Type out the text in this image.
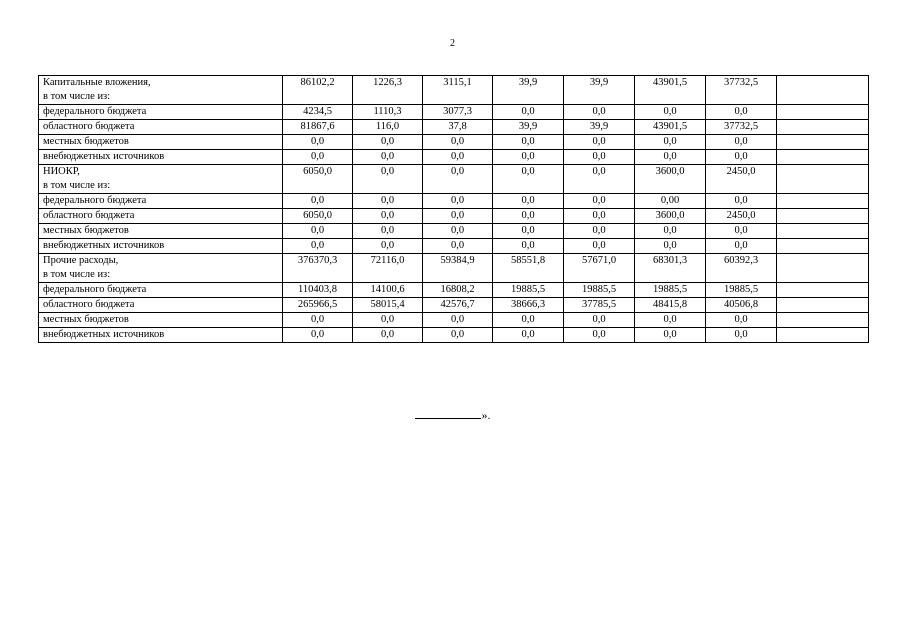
2
Капитальные вложения,
в том числе из:	86102,2	1226,3	3115,1	39,9	39,9	43901,5	37732,5	

федерального бюджета	4234,5	1110,3	3077,3	0,0	0,0	0,0	0,0	

областного бюджета	81867,6	116,0	37,8	39,9	39,9	43901,5	37732,5	

местных бюджетов	0,0	0,0	0,0	0,0	0,0	0,0	0,0	

внебюджетных источников	0,0	0,0	0,0	0,0	0,0	0,0	0,0	

НИОКР,
в том числе из:	6050,0	0,0	0,0	0,0	0,0	3600,0	2450,0	

федерального бюджета	0,0	0,0	0,0	0,0	0,0	0,00	0,0	

областного бюджета	6050,0	0,0	0,0	0,0	0,0	3600,0	2450,0	

местных бюджетов	0,0	0,0	0,0	0,0	0,0	0,0	0,0	

внебюджетных источников	0,0	0,0	0,0	0,0	0,0	0,0	0,0	

Прочие расходы,
в том числе из:	376370,3	72116,0	59384,9	58551,8	57671,0	68301,3	60392,3	

федерального бюджета	110403,8	14100,6	16808,2	19885,5	19885,5	19885,5	19885,5	

областного бюджета	265966,5	58015,4	42576,7	38666,3	37785,5	48415,8	40506,8	

местных бюджетов	0,0	0,0	0,0	0,0	0,0	0,0	0,0	

внебюджетных источников	0,0	0,0	0,0	0,0	0,0	0,0	0,0	
».
